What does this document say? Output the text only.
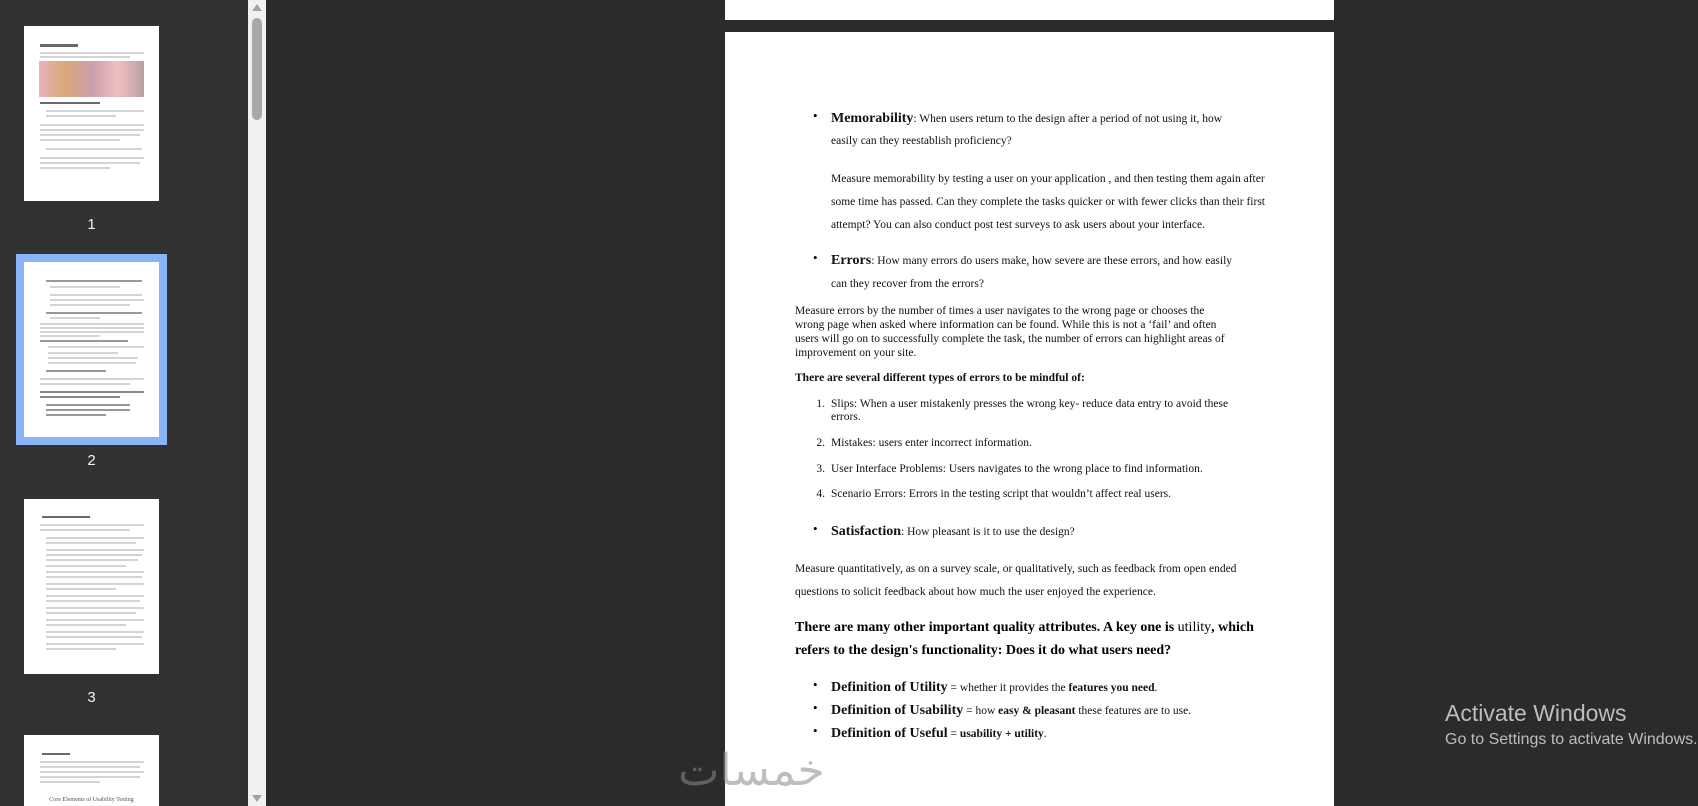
1
2
3
Core Elements of Usability Testing
• Memorability: When users return to the design after a period of not using it, how
easily can they reestablish proficiency?
Measure memorability by testing a user on your application , and then testing them again after
some time has passed. Can they complete the tasks quicker or with fewer clicks than their first
attempt? You can also conduct post test surveys to ask users about your interface.
• Errors: How many errors do users make, how severe are these errors, and how easily
can they recover from the errors?
Measure errors by the number of times a user navigates to the wrong page or chooses the
wrong page when asked where information can be found. While this is not a ‘fail’ and often
users will go on to successfully complete the task, the number of errors can highlight areas of
improvement on your site.
There are several different types of errors to be mindful of:
1. Slips: When a user mistakenly presses the wrong key- reduce data entry to avoid these
errors.
2. Mistakes: users enter incorrect information.
3. User Interface Problems: Users navigates to the wrong place to find information.
4. Scenario Errors: Errors in the testing script that wouldn’t affect real users.
• Satisfaction: How pleasant is it to use the design?
Measure quantitatively, as on a survey scale, or qualitatively, such as feedback from open ended
questions to solicit feedback about how much the user enjoyed the experience.
There are many other important quality attributes. A key one is utility, which
refers to the design's functionality: Does it do what users need?
• Definition of Utility = whether it provides the features you need.
• Definition of Usability = how easy & pleasant these features are to use.
• Definition of Useful = usability + utility.
خمسات
Activate Windows
Go to Settings to activate Windows.
